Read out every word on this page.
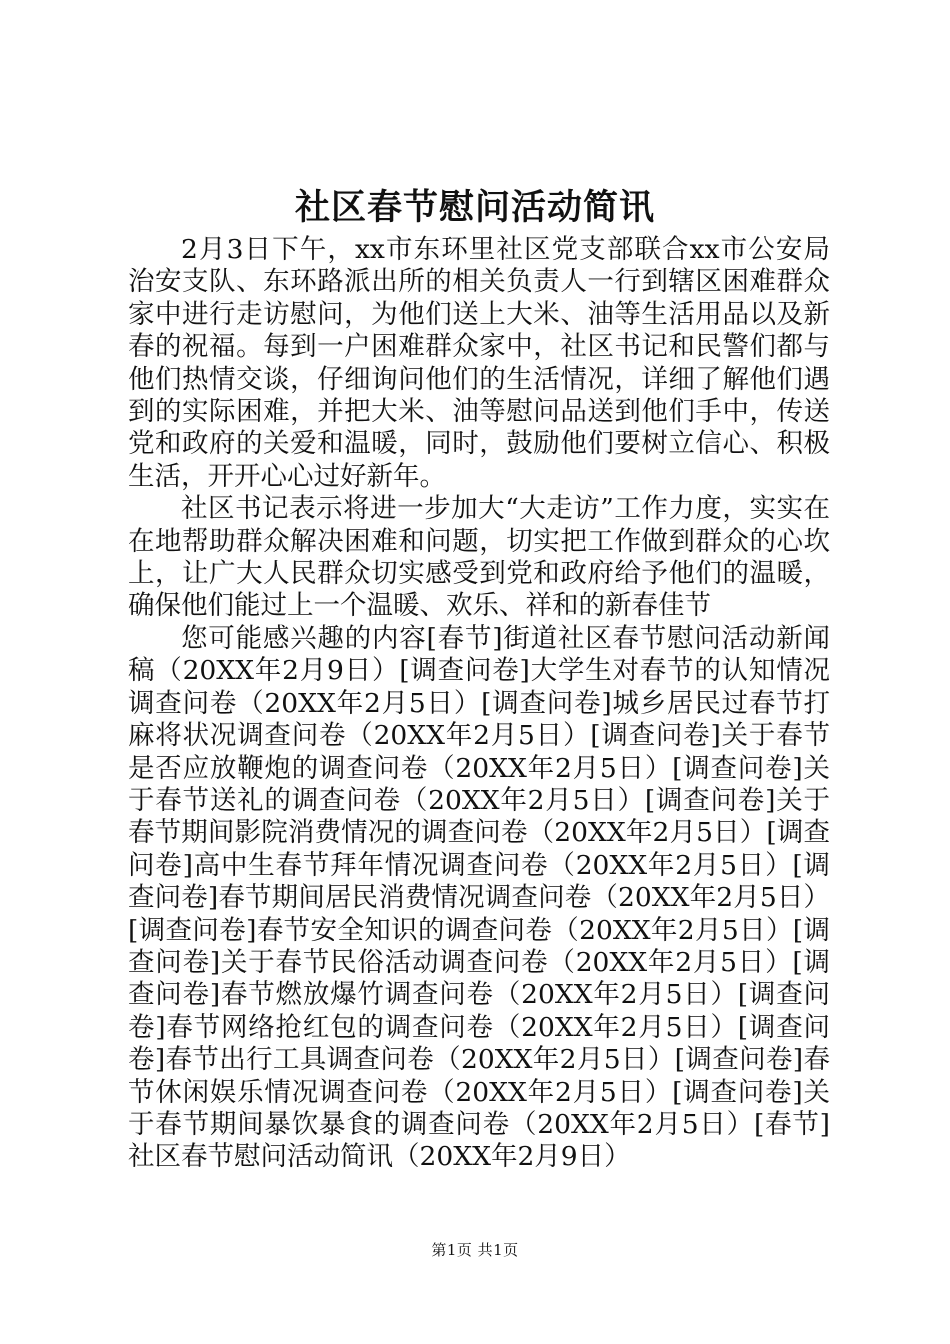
社区春节慰问活动简讯

2月3日下午，xx市东环里社区党支部联合xx市公安局治安支队、东环路派出所的相关负责人一行到辖区困难群众家中进行走访慰问，为他们送上大米、油等生活用品以及新春的祝福。每到一户困难群众家中，社区书记和民警们都与他们热情交谈，仔细询问他们的生活情况，详细了解他们遇到的实际困难，并把大米、油等慰问品送到他们手中，传送党和政府的关爱和温暖，同时，鼓励他们要树立信心、积极生活，开开心心过好新年。

社区书记表示将进一步加大“大走访”工作力度，实实在在地帮助群众解决困难和问题，切实把工作做到群众的心坎上，让广大人民群众切实感受到党和政府给予他们的温暖，确保他们能过上一个温暖、欢乐、祥和的新春佳节

您可能感兴趣的内容[春节]街道社区春节慰问活动新闻稿（20XX年2月9日）[调查问卷]大学生对春节的认知情况调查问卷（20XX年2月5日）[调查问卷]城乡居民过春节打麻将状况调查问卷（20XX年2月5日）[调查问卷]关于春节是否应放鞭炮的调查问卷（20XX年2月5日）[调查问卷]关于春节送礼的调查问卷（20XX年2月5日）[调查问卷]关于春节期间影院消费情况的调查问卷（20XX年2月5日）[调查问卷]高中生春节拜年情况调查问卷（20XX年2月5日）[调查问卷]春节期间居民消费情况调查问卷（20XX年2月5日）[调查问卷]春节安全知识的调查问卷（20XX年2月5日）[调查问卷]关于春节民俗活动调查问卷（20XX年2月5日）[调查问卷]春节燃放爆竹调查问卷（20XX年2月5日）[调查问卷]春节网络抢红包的调查问卷（20XX年2月5日）[调查问卷]春节出行工具调查问卷（20XX年2月5日）[调查问卷]春节休闲娱乐情况调查问卷（20XX年2月5日）[调查问卷]关于春节期间暴饮暴食的调查问卷（20XX年2月5日）[春节]社区春节慰问活动简讯（20XX年2月9日）

第1页 共1页
